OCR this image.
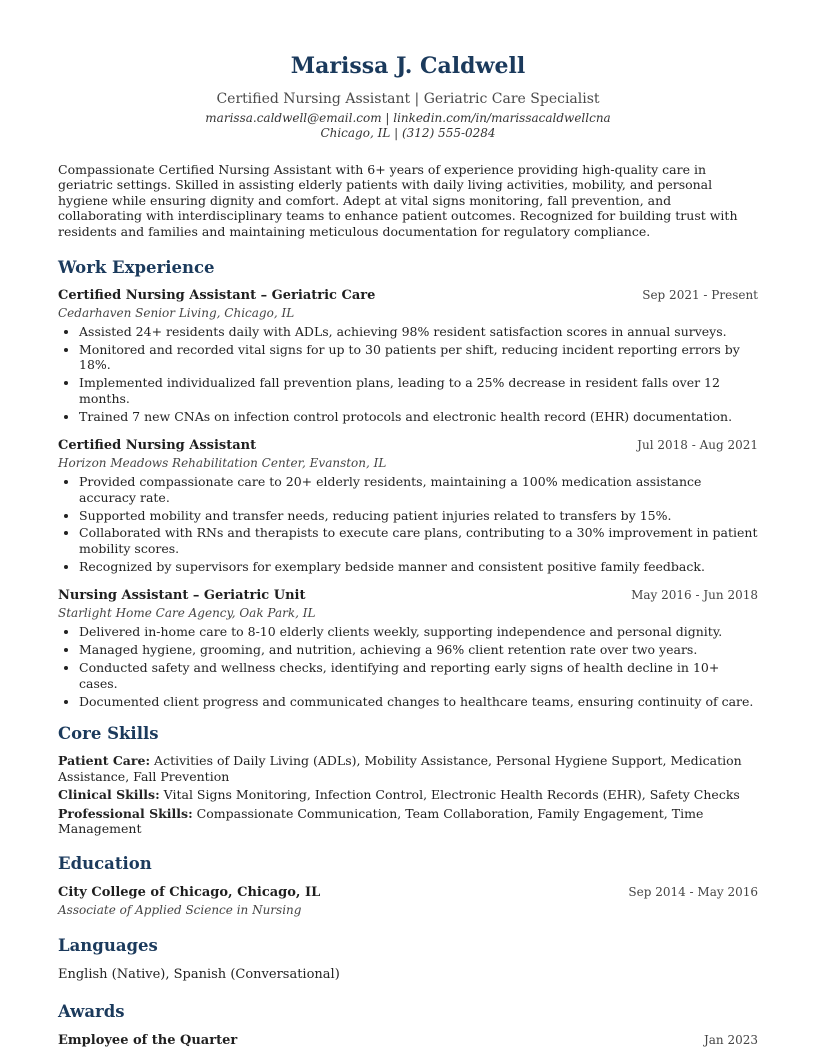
Marissa J. Caldwell
Certified Nursing Assistant | Geriatric Care Specialist
marissa.caldwell@email.com | linkedin.com/in/marissacaldwellcna
Chicago, IL | (312) 555-0284
Compassionate Certified Nursing Assistant with 6+ years of experience providing high-quality care in geriatric settings. Skilled in assisting elderly patients with daily living activities, mobility, and personal hygiene while ensuring dignity and comfort. Adept at vital signs monitoring, fall prevention, and collaborating with interdisciplinary teams to enhance patient outcomes. Recognized for building trust with residents and families and maintaining meticulous documentation for regulatory compliance.
Work Experience
Certified Nursing Assistant – Geriatric Care	Sep 2021 - Present
Cedarhaven Senior Living, Chicago, IL
• Assisted 24+ residents daily with ADLs, achieving 98% resident satisfaction scores in annual surveys.
• Monitored and recorded vital signs for up to 30 patients per shift, reducing incident reporting errors by 18%.
• Implemented individualized fall prevention plans, leading to a 25% decrease in resident falls over 12 months.
• Trained 7 new CNAs on infection control protocols and electronic health record (EHR) documentation.
Certified Nursing Assistant	Jul 2018 - Aug 2021
Horizon Meadows Rehabilitation Center, Evanston, IL
• Provided compassionate care to 20+ elderly residents, maintaining a 100% medication assistance accuracy rate.
• Supported mobility and transfer needs, reducing patient injuries related to transfers by 15%.
• Collaborated with RNs and therapists to execute care plans, contributing to a 30% improvement in patient mobility scores.
• Recognized by supervisors for exemplary bedside manner and consistent positive family feedback.
Nursing Assistant – Geriatric Unit	May 2016 - Jun 2018
Starlight Home Care Agency, Oak Park, IL
• Delivered in-home care to 8-10 elderly clients weekly, supporting independence and personal dignity.
• Managed hygiene, grooming, and nutrition, achieving a 96% client retention rate over two years.
• Conducted safety and wellness checks, identifying and reporting early signs of health decline in 10+ cases.
• Documented client progress and communicated changes to healthcare teams, ensuring continuity of care.
Core Skills
Patient Care: Activities of Daily Living (ADLs), Mobility Assistance, Personal Hygiene Support, Medication Assistance, Fall Prevention
Clinical Skills: Vital Signs Monitoring, Infection Control, Electronic Health Records (EHR), Safety Checks
Professional Skills: Compassionate Communication, Team Collaboration, Family Engagement, Time Management
Education
City College of Chicago, Chicago, IL	Sep 2014 - May 2016
Associate of Applied Science in Nursing
Languages
English (Native), Spanish (Conversational)
Awards
Employee of the Quarter	Jan 2023
